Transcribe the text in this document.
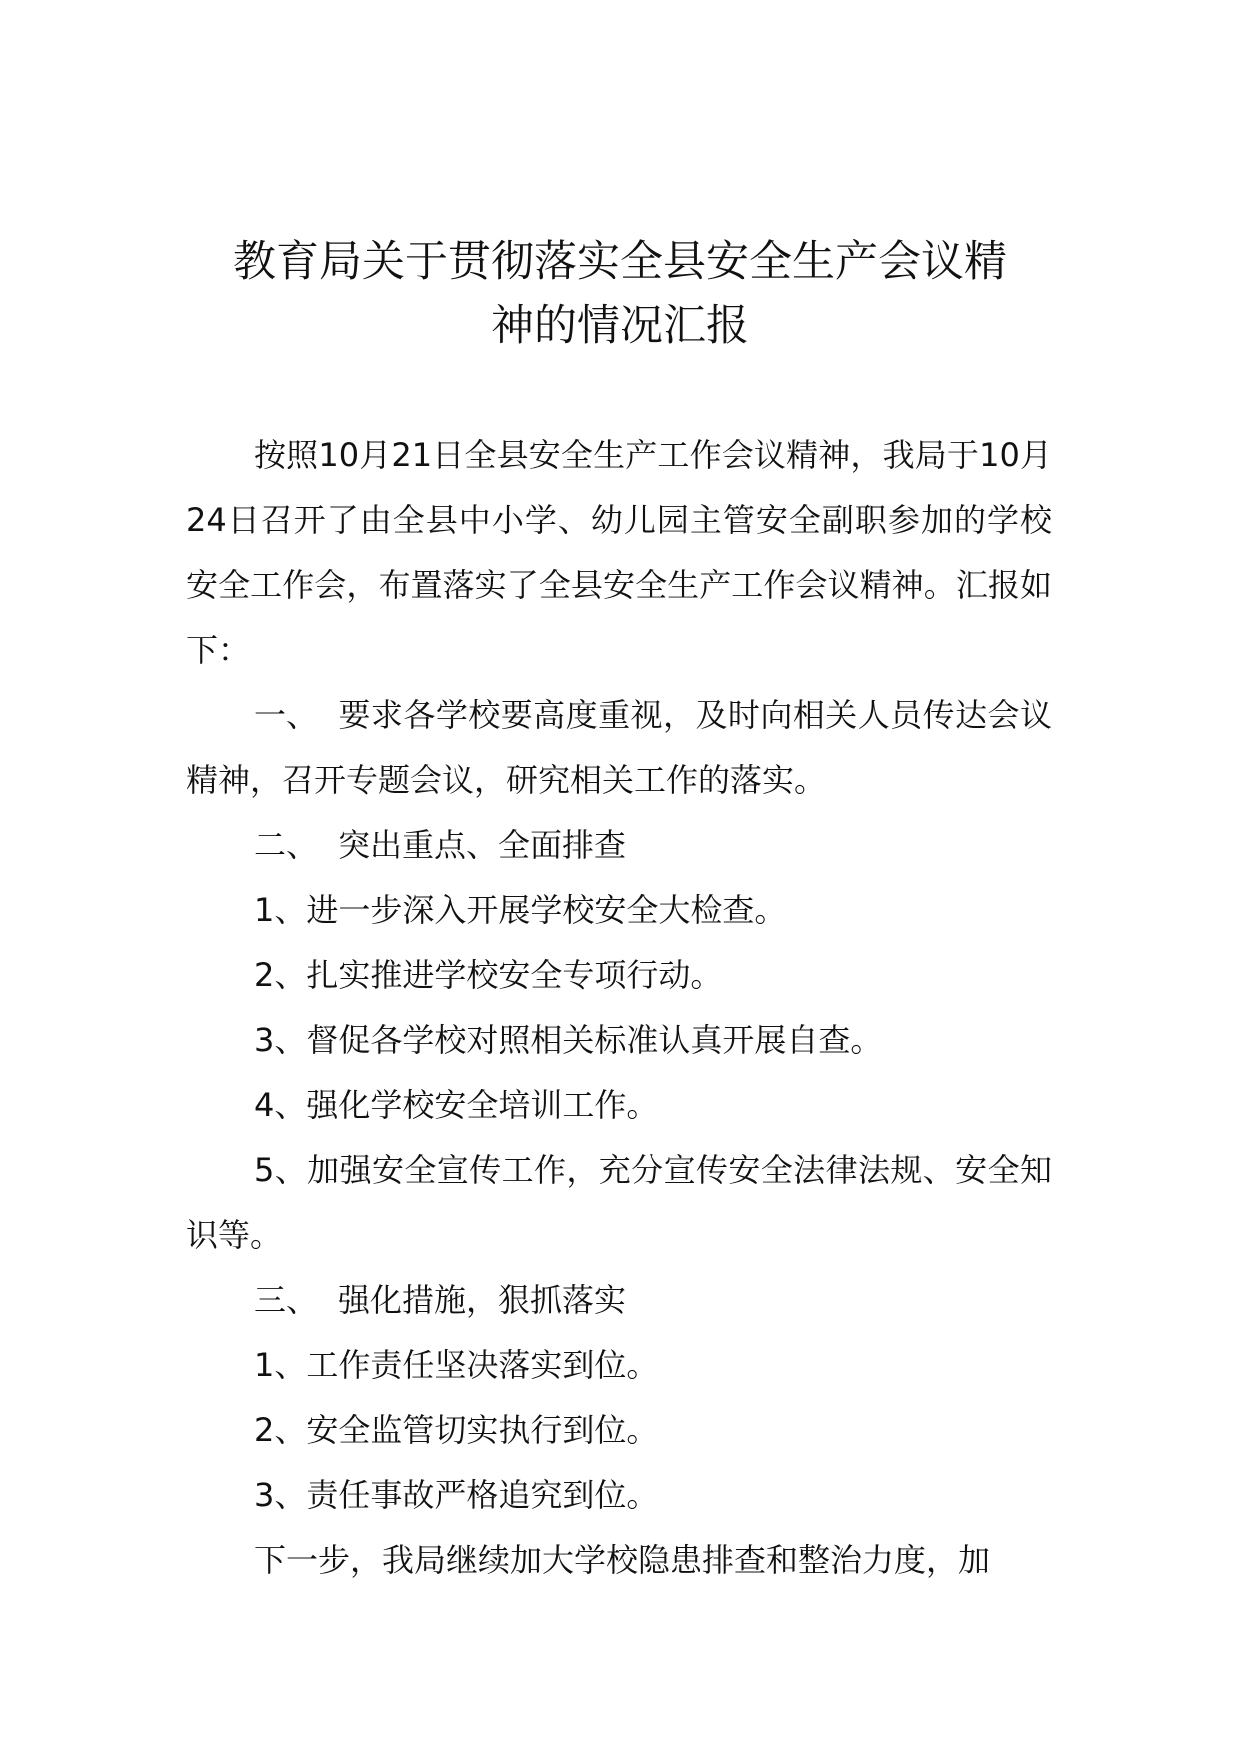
教育局关于贯彻落实全县安全生产会议精
神的情况汇报

按照10月21日全县安全生产工作会议精神，我局于10月24日召开了由全县中小学、幼儿园主管安全副职参加的学校安全工作会，布置落实了全县安全生产工作会议精神。汇报如下：

一、 要求各学校要高度重视，及时向相关人员传达会议精神，召开专题会议，研究相关工作的落实。

二、 突出重点、全面排查

1、进一步深入开展学校安全大检查。

2、扎实推进学校安全专项行动。

3、督促各学校对照相关标准认真开展自查。

4、强化学校安全培训工作。

5、加强安全宣传工作，充分宣传安全法律法规、安全知识等。

三、 强化措施，狠抓落实

1、工作责任坚决落实到位。

2、安全监管切实执行到位。

3、责任事故严格追究到位。

下一步，我局继续加大学校隐患排查和整治力度，加
